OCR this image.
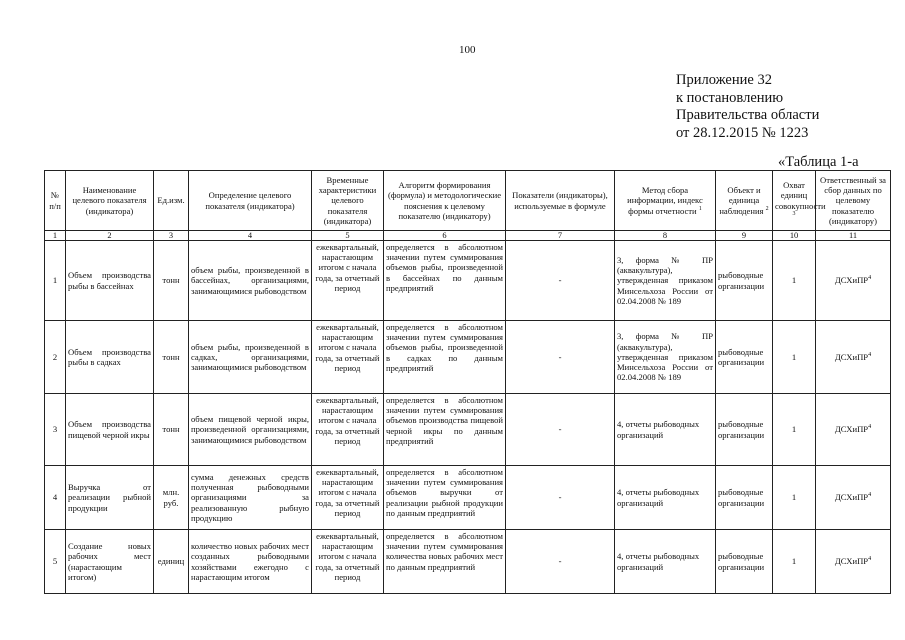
100
Приложение 32
к постановлению
Правительства области
от 28.12.2015 № 1223
«Таблица 1-а
№ п/п	Наименование целевого показателя (индикатора)	Ед.изм.	Определение целевого показателя (индикатора)	Временные характеристики целевого показателя (индикатора)	Алгоритм формирования (формула) и методологические пояснения к целевому показателю (индикатору)	Показатели (индикаторы), используемые в формуле	Метод сбора информации, индекс формы отчетности $^1$	Объект и единица наблюдения $^2$	Охват единиц совокупности $^3$	Ответственный за сбор данных по целевому показателю (индикатору)
1	2	3	4	5	6	7	8	9	10	11
1	Объем производства рыбы в бассейнах	тонн	объем рыбы, произведенной в бассейнах, организациями, занимающимися рыбоводством	ежеквартальный, нарастающим итогом с начала года, за отчетный период	определяется в абсолютном значении путем суммирования объемов рыбы, произведенной в бассейнах по данным предприятий	-	3, форма № ПР (аквакультура), утвержденная приказом Минсельхоза России от 02.04.2008 № 189	рыбоводные организации	1	ДСХиПР$^4$
2	Объем производства рыбы в садках	тонн	объем рыбы, произведенной в садках, организациями, занимающимися рыбоводством	ежеквартальный, нарастающим итогом с начала года, за отчетный период	определяется в абсолютном значении путем суммирования объемов рыбы, произведенной в садках по данным предприятий	-	3, форма № ПР (аквакультура), утвержденная приказом Минсельхоза России от 02.04.2008 № 189	рыбоводные организации	1	ДСХиПР$^4$
3	Объем производства пищевой черной икры	тонн	объем пищевой черной икры, произведенной организациями, занимающимися рыбоводством	ежеквартальный, нарастающим итогом с начала года, за отчетный период	определяется в абсолютном значении путем суммирования объемов производства пищевой черной икры по данным предприятий	-	4, отчеты рыбоводных организаций	рыбоводные организации	1	ДСХиПР$^4$
4	Выручка от реализации рыбной продукции	млн. руб.	сумма денежных средств полученная рыбоводными организациями за реализованную рыбную продукцию	ежеквартальный, нарастающим итогом с начала года, за отчетный период	определяется в абсолютном значении путем суммирования объемов выручки от реализации рыбной продукции по данным предприятий	-	4, отчеты рыбоводных организаций	рыбоводные организации	1	ДСХиПР$^4$
5	Создание новых рабочих мест (нарастающим итогом)	единиц	количество новых рабочих мест созданных рыбоводными хозяйствами ежегодно с нарастающим итогом	ежеквартальный, нарастающим итогом с начала года, за отчетный период	определяется в абсолютном значении путем суммирования количества новых рабочих мест по данным предприятий	-	4, отчеты рыбоводных организаций	рыбоводные организации	1	ДСХиПР$^4$
